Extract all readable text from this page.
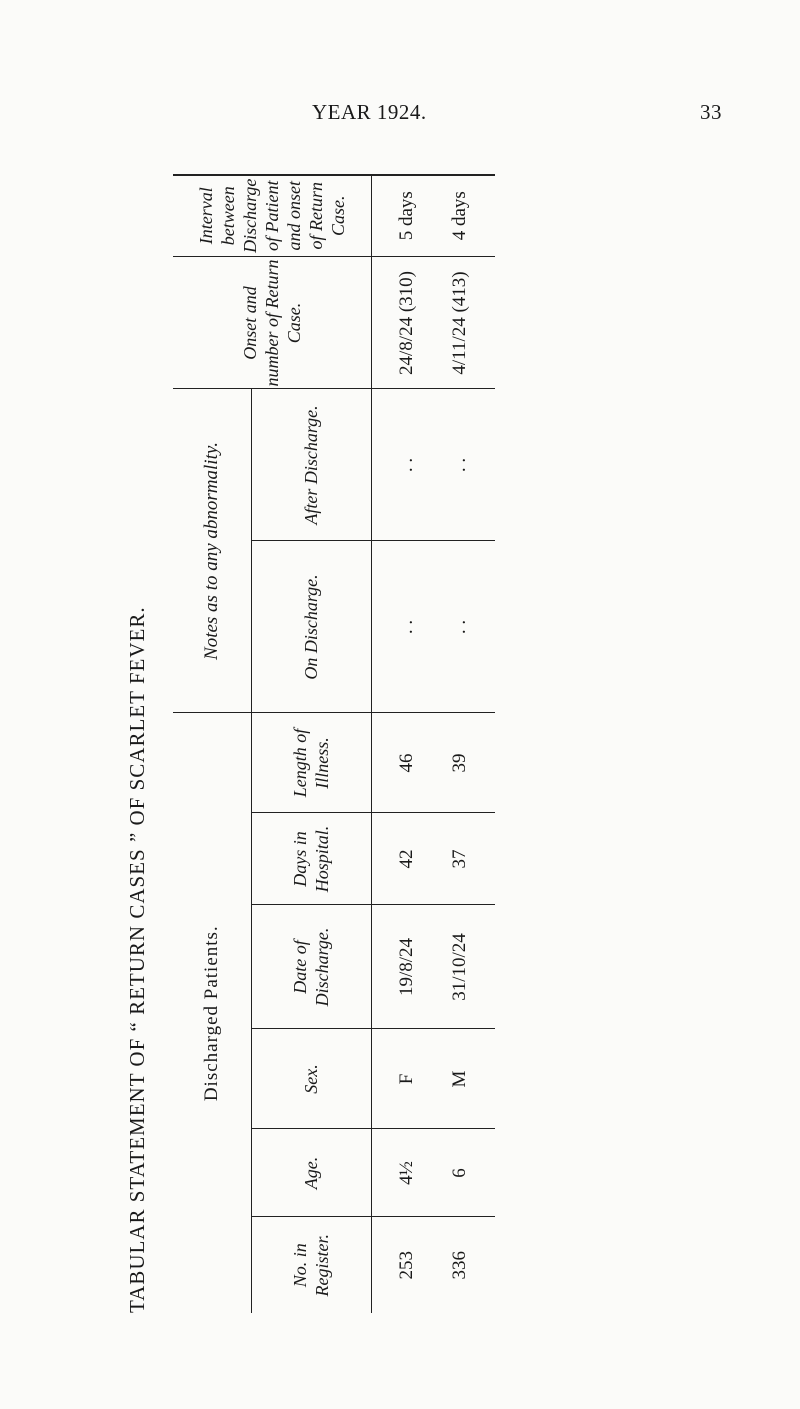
YEAR 1924.	33
TABULAR STATEMENT OF “ RETURN CASES ” OF SCARLET FEVER.	Discharged Patients.						Notes as to any abnormality.		Onset and number of Return Case.	Interval between Discharge of Patient and onset of Return Case.
No. in Register.	Age.	Sex.	Date of Discharge.	Days in Hospital.	Length of Illness.	On Discharge.	After Discharge.		
253	4½	F	19/8/24	42	46	. .	. .	24/8/24 (310)	5 days
336	6	M	31/10/24	37	39	. .	. .	4/11/24 (413)	4 days
